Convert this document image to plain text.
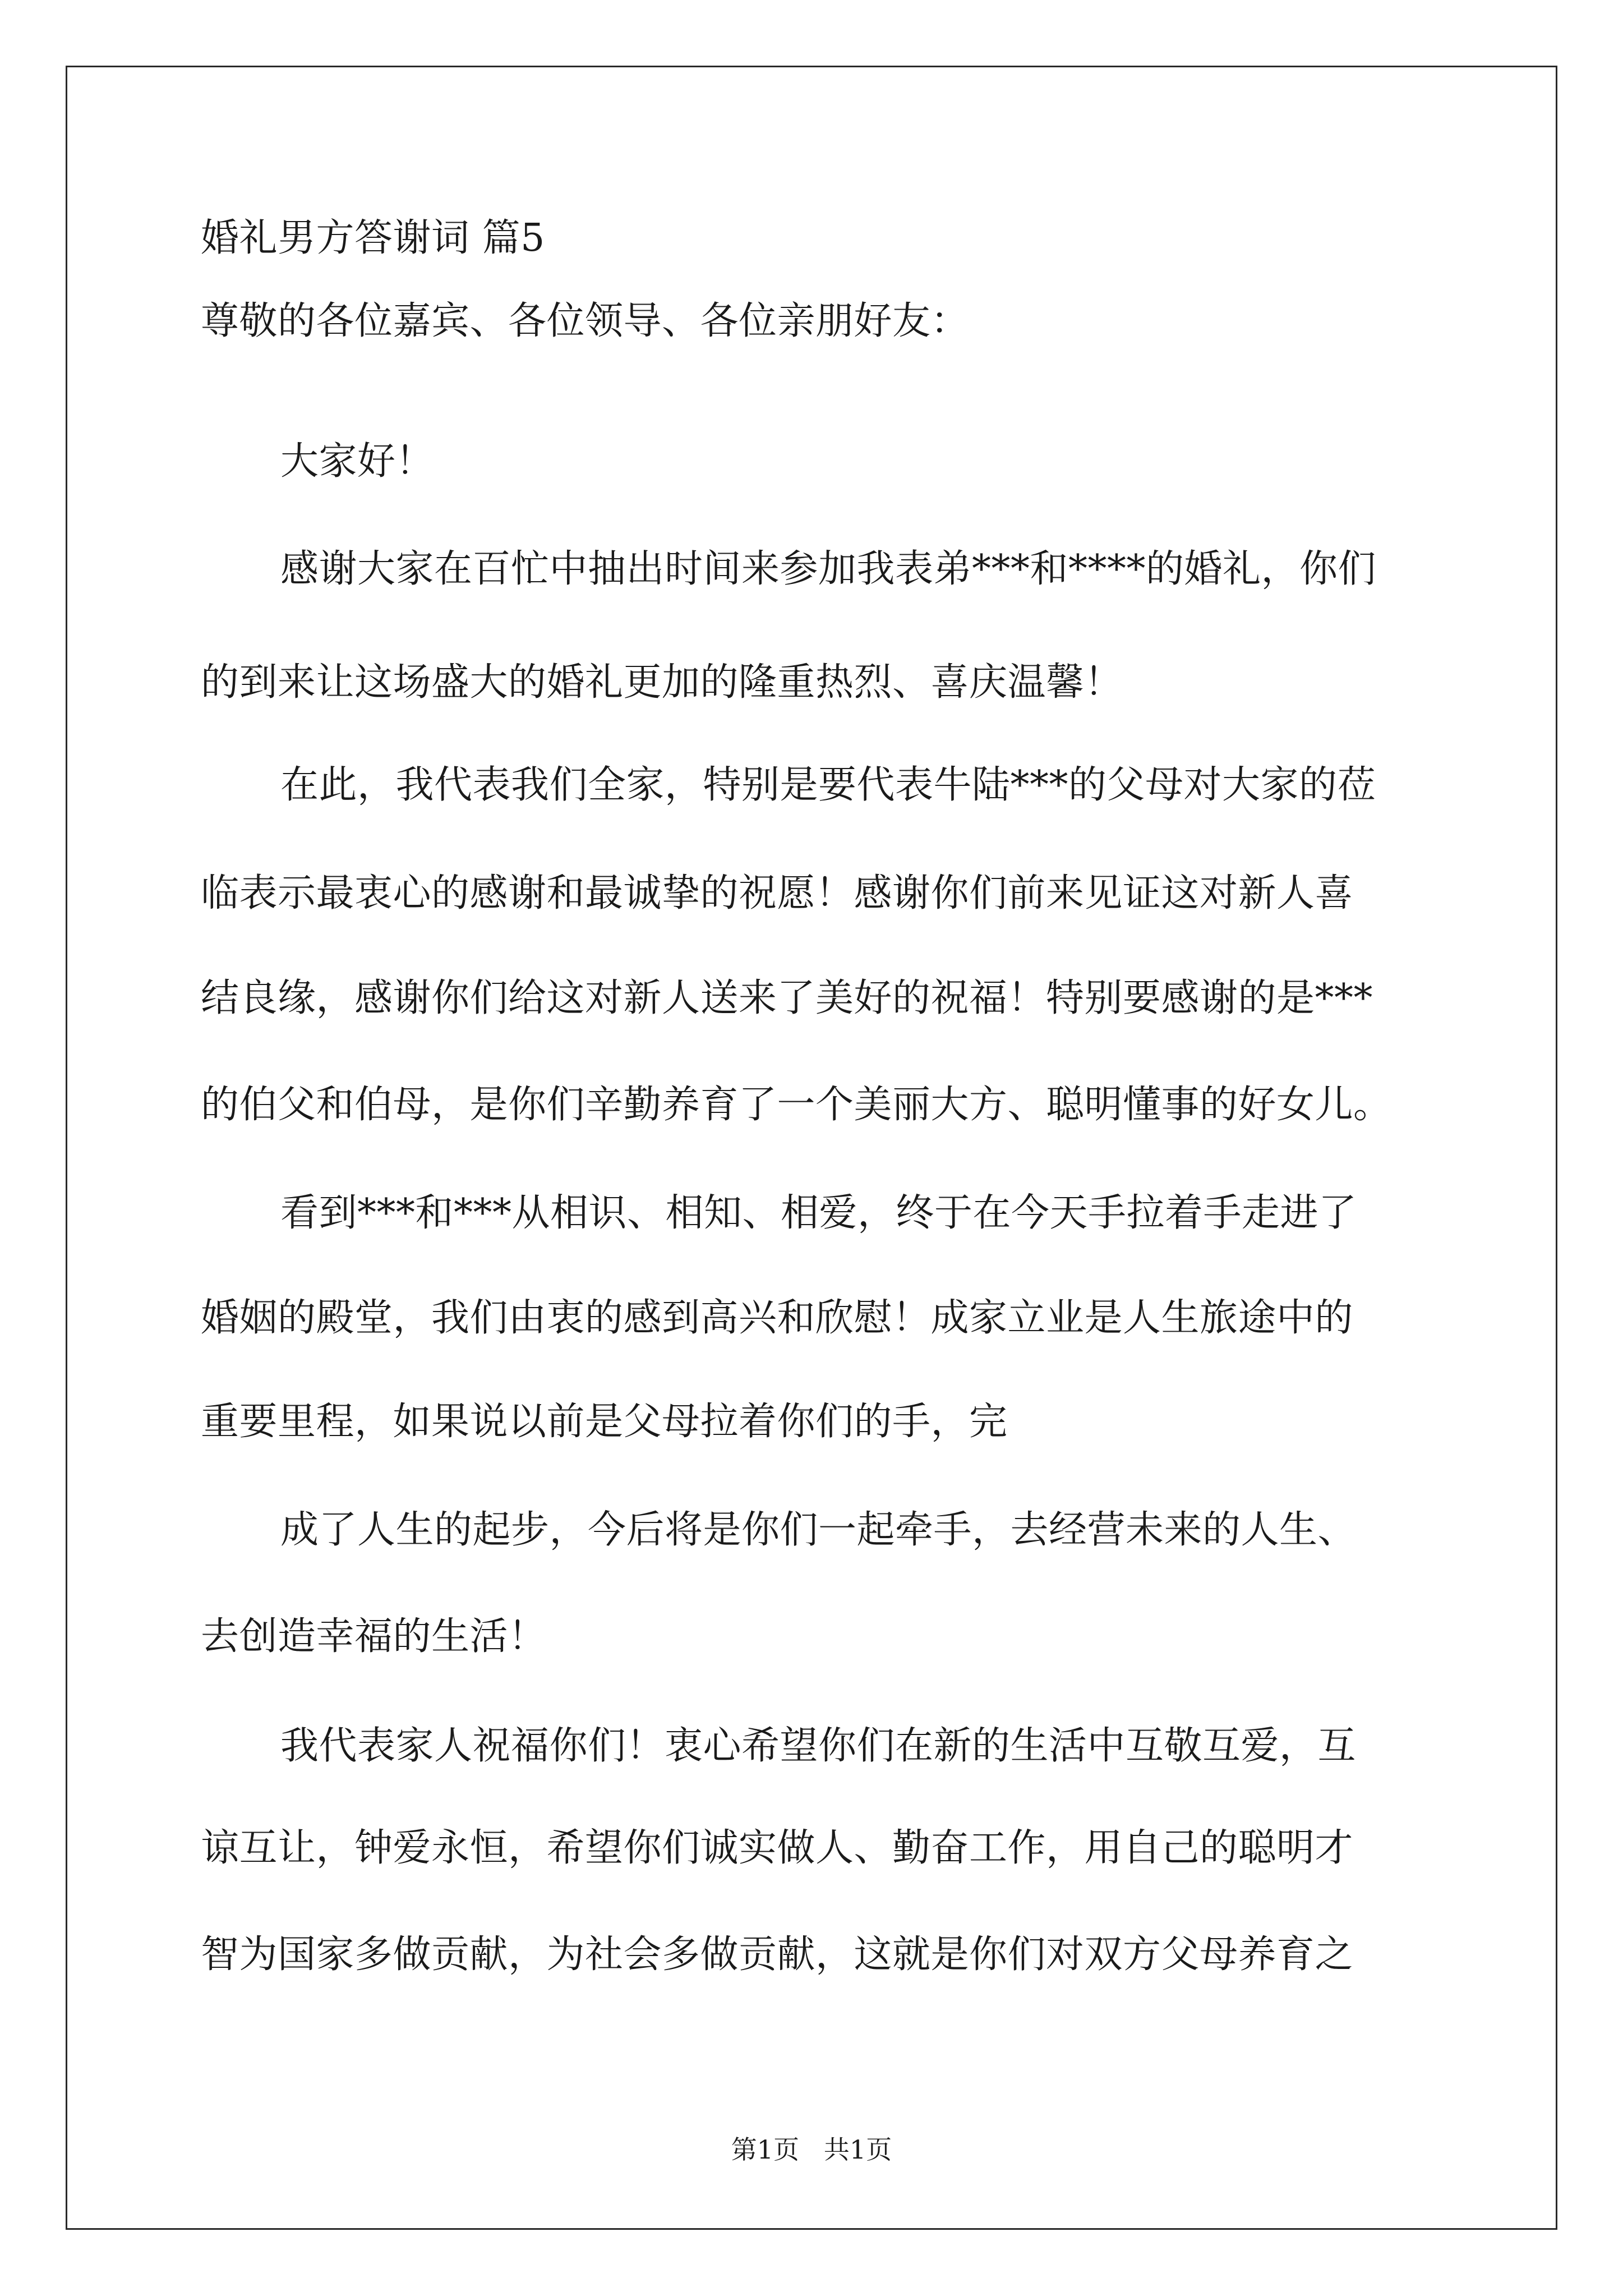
婚礼男方答谢词 篇5

尊敬的各位嘉宾、各位领导、各位亲朋好友：

大家好！

感谢大家在百忙中抽出时间来参加我表弟***和****的婚礼，你们

的到来让这场盛大的婚礼更加的隆重热烈、喜庆温馨！

在此，我代表我们全家，特别是要代表牛陆***的父母对大家的莅

临表示最衷心的感谢和最诚挚的祝愿！感谢你们前来见证这对新人喜

结良缘，感谢你们给这对新人送来了美好的祝福！特别要感谢的是***

的伯父和伯母，是你们辛勤养育了一个美丽大方、聪明懂事的好女儿。

看到***和***从相识、相知、相爱，终于在今天手拉着手走进了

婚姻的殿堂，我们由衷的感到高兴和欣慰！成家立业是人生旅途中的

重要里程，如果说以前是父母拉着你们的手，完

成了人生的起步，今后将是你们一起牵手，去经营未来的人生、

去创造幸福的生活！

我代表家人祝福你们！衷心希望你们在新的生活中互敬互爱，互

谅互让，钟爱永恒，希望你们诚实做人、勤奋工作，用自己的聪明才

智为国家多做贡献，为社会多做贡献，这就是你们对双方父母养育之

第1页   共1页
